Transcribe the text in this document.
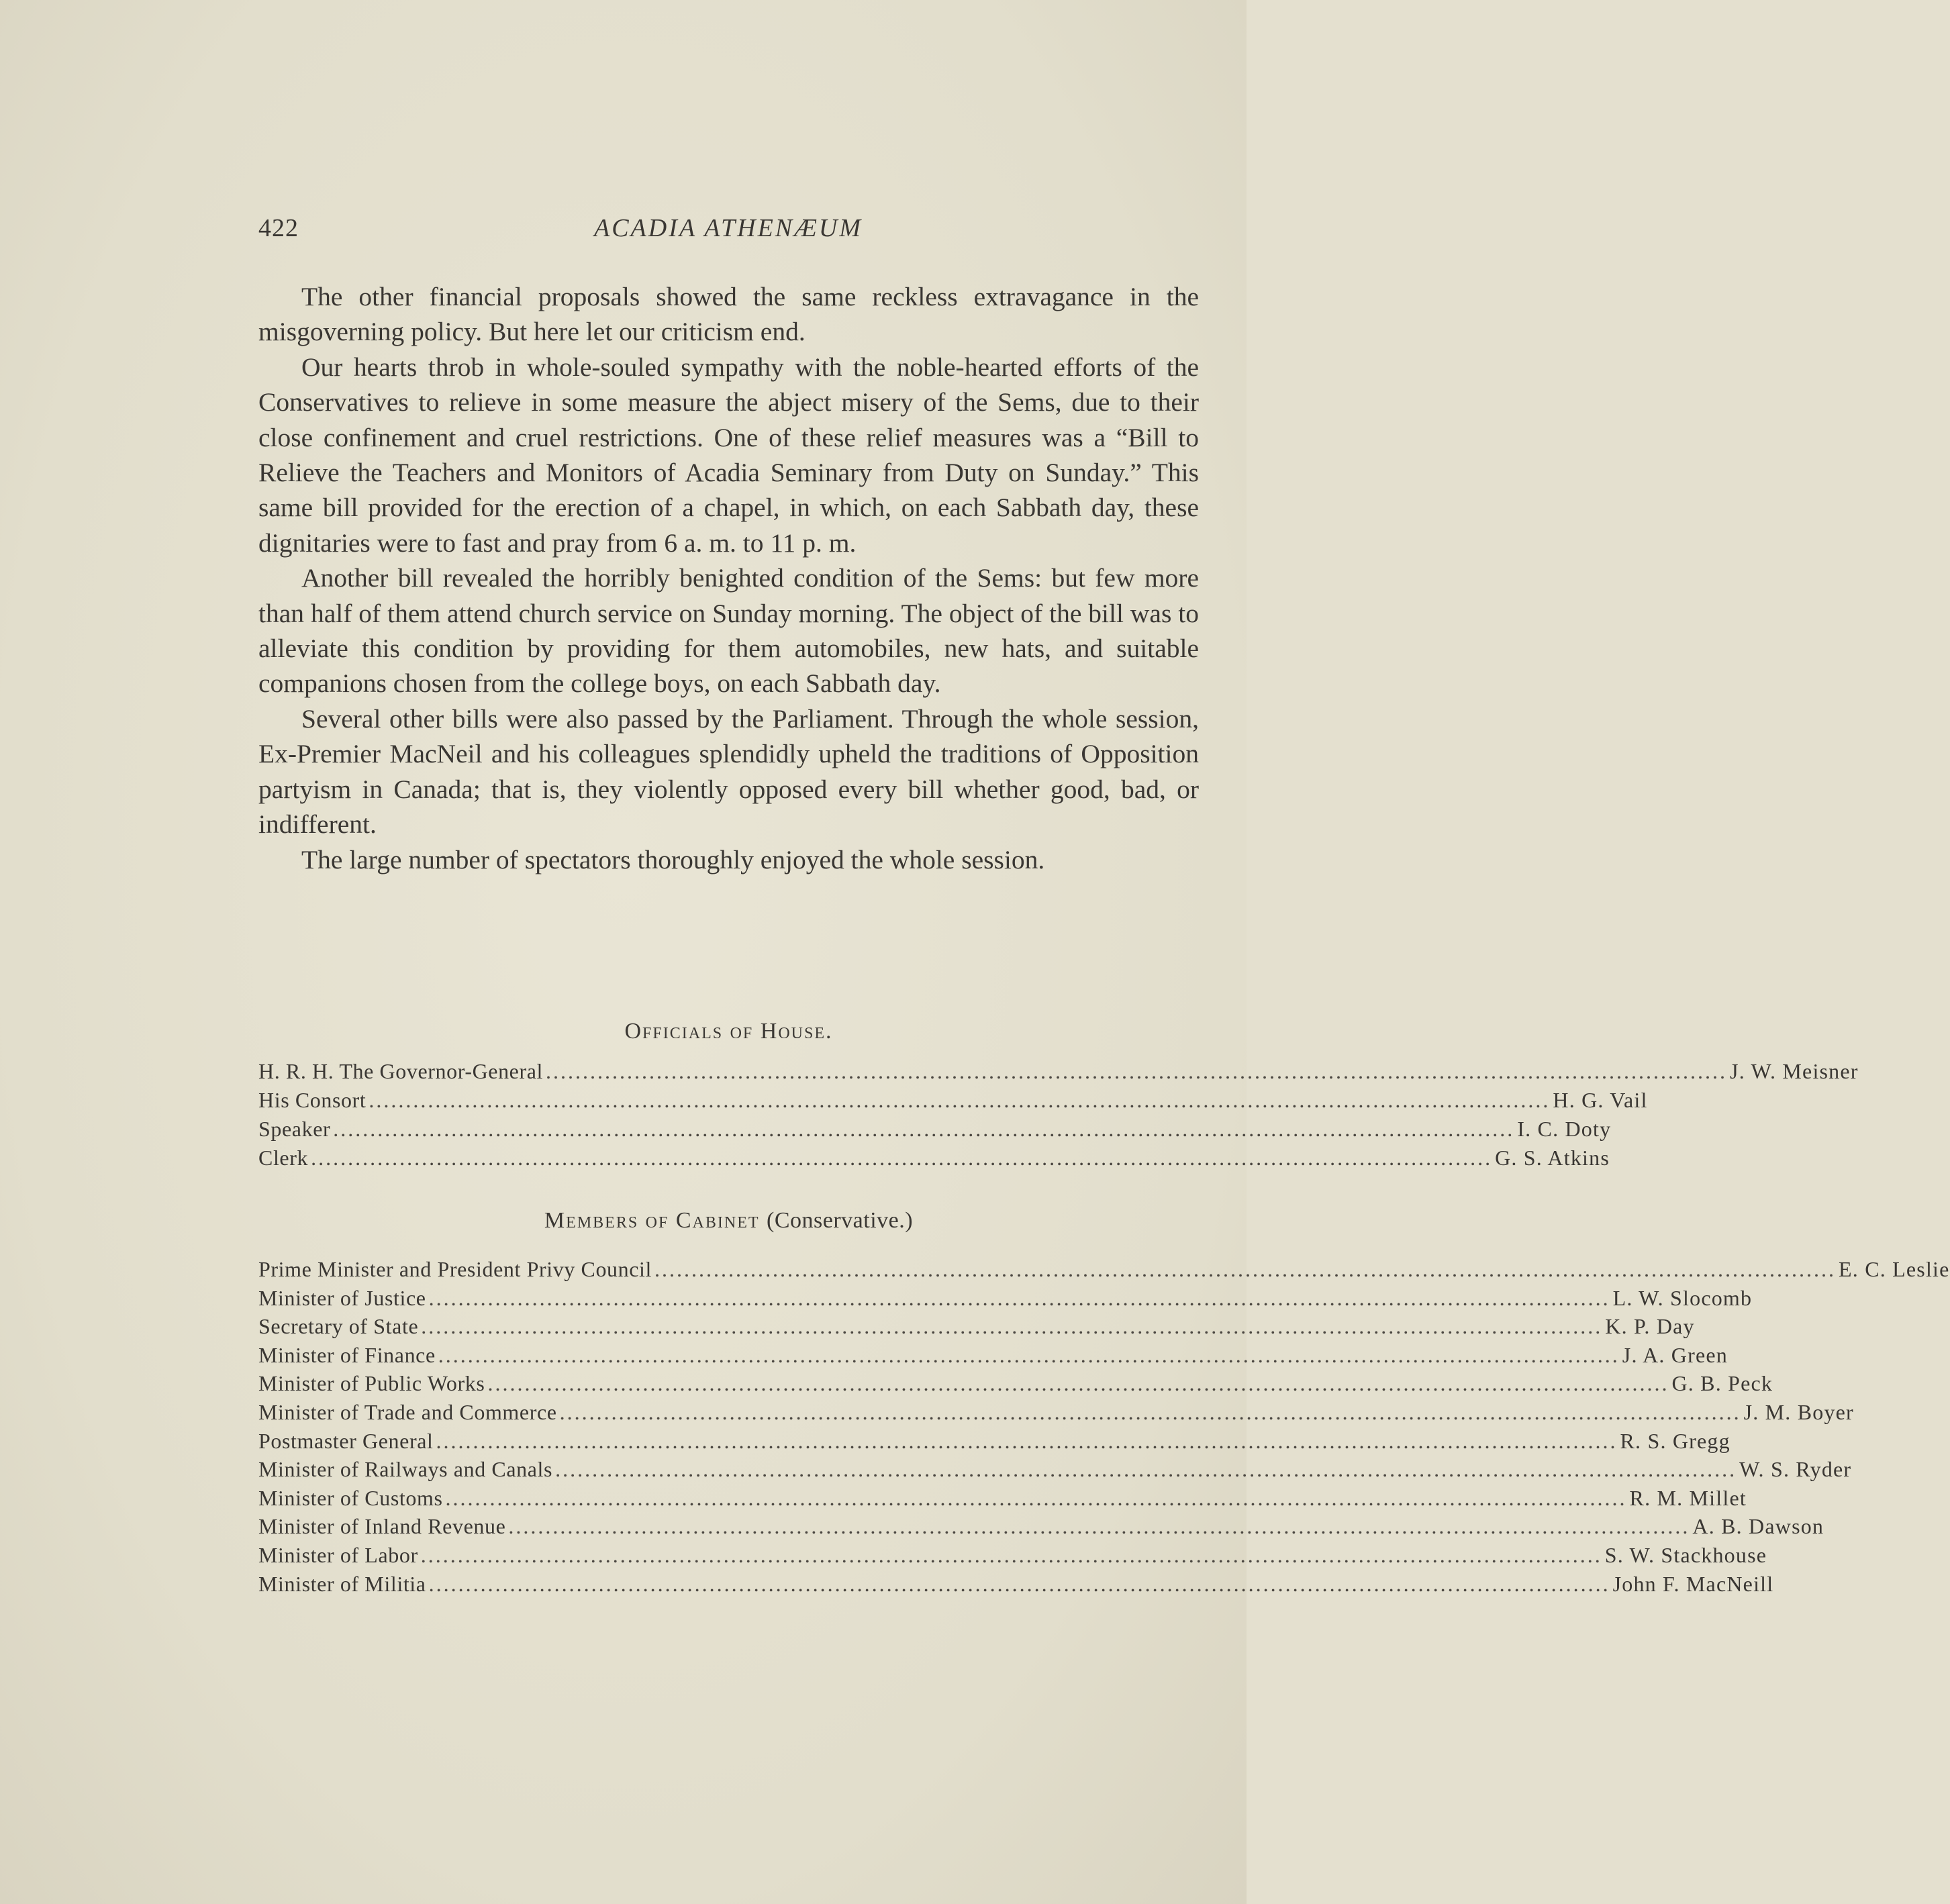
422	ACADIA ATHENÆUM

The other financial proposals showed the same reckless extravagance in the misgoverning policy. But here let our criticism end.

Our hearts throb in whole-souled sympathy with the noble-hearted efforts of the Conservatives to relieve in some measure the abject misery of the Sems, due to their close confinement and cruel restrictions. One of these relief measures was a “Bill to Relieve the Teachers and Monitors of Acadia Seminary from Duty on Sunday.” This same bill provided for the erection of a chapel, in which, on each Sabbath day, these dignitaries were to fast and pray from 6 a. m. to 11 p. m.

Another bill revealed the horribly benighted condition of the Sems: but few more than half of them attend church service on Sunday morning. The object of the bill was to alleviate this condition by providing for them automobiles, new hats, and suitable companions chosen from the college boys, on each Sabbath day.

Several other bills were also passed by the Parliament. Through the whole session, Ex-Premier MacNeil and his colleagues splendidly upheld the traditions of Opposition partyism in Canada; that is, they violently opposed every bill whether good, bad, or indifferent.

The large number of spectators thoroughly enjoyed the whole session.

Officials of House.
H. R. H. The Governor-General ................................................................................................................................................................ J. W. Meisner
His Consort ................................................................................................................................................................ H. G. Vail
Speaker ................................................................................................................................................................ I. C. Doty
Clerk ................................................................................................................................................................ G. S. Atkins
Members of Cabinet (Conservative.)
Prime Minister and President Privy Council ................................................................................................................................................................ E. C. Leslie
Minister of Justice ................................................................................................................................................................ L. W. Slocomb
Secretary of State ................................................................................................................................................................ K. P. Day
Minister of Finance ................................................................................................................................................................ J. A. Green
Minister of Public Works ................................................................................................................................................................ G. B. Peck
Minister of Trade and Commerce ................................................................................................................................................................ J. M. Boyer
Postmaster General ................................................................................................................................................................ R. S. Gregg
Minister of Railways and Canals ................................................................................................................................................................ W. S. Ryder
Minister of Customs ................................................................................................................................................................ R. M. Millet
Minister of Inland Revenue ................................................................................................................................................................ A. B. Dawson
Minister of Labor ................................................................................................................................................................ S. W. Stackhouse
Minister of Militia ................................................................................................................................................................ John F. MacNeill
